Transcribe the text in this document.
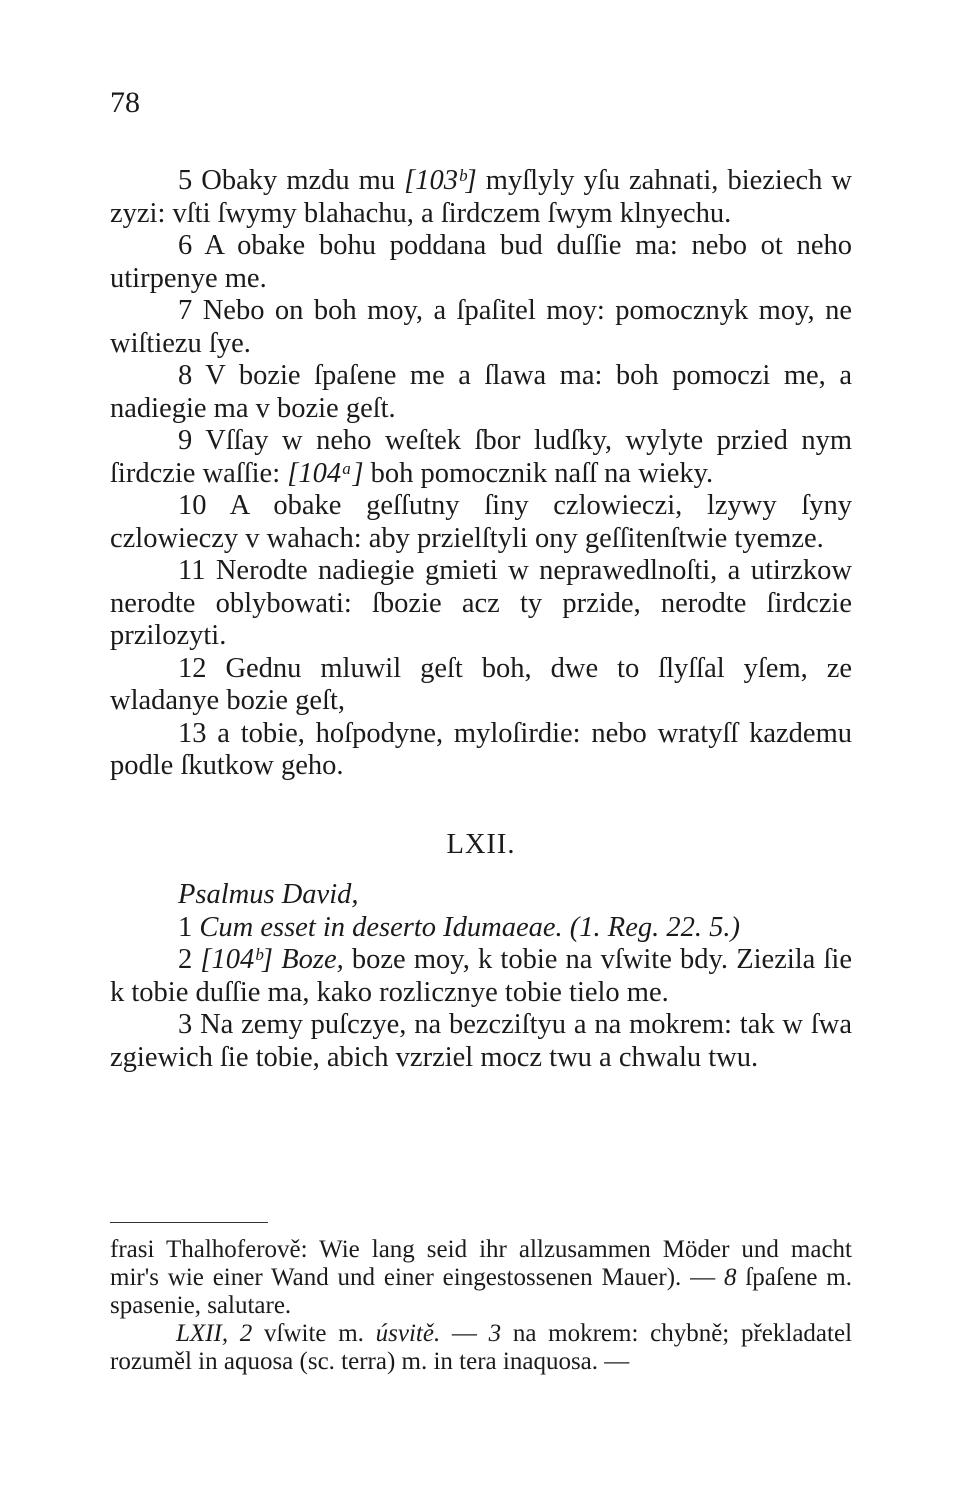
78

5 Obaky mzdu mu [103ᵇ] myſlyly yſu zahnati, bieziech w zyzi: vſti ſwymy blahachu, a ſirdczem ſwym klnyechu.

6 A obake bohu poddana bud duſſie ma: nebo ot neho utirpenye me.

7 Nebo on boh moy, a ſpaſitel moy: pomocznyk moy, ne wiſtiezu ſye.

8 V bozie ſpaſene me a ſlawa ma: boh pomoczi me, a nadiegie ma v bozie geſt.

9 Vſſay w neho weſtek ſbor ludſky, wylyte przied nym ſirdczie waſſie: [104ᵃ] boh pomocznik naſſ na wieky.

10 A obake geſſutny ſiny czlowieczi, lzywy ſyny czlowieczy v wahach: aby przielſtyli ony geſſitenſtwie tyemze.

11 Nerodte nadiegie gmieti w neprawedlnoſti, a utirzkow nerodte oblybowati: ſbozie acz ty przide, nerodte ſirdczie przilozyti.

12 Gednu mluwil geſt boh, dwe to ſlyſſal yſem, ze wladanye bozie geſt,

13 a tobie, hoſpodyne, myloſirdie: nebo wratyſſ kazdemu podle ſkutkow geho.

LXII.

Psalmus David,

1 Cum esset in deserto Idumaeae. (1. Reg. 22. 5.)

2 [104ᵇ] Boze, boze moy, k tobie na vſwite bdy. Ziezila ſie k tobie duſſie ma, kako rozlicznye tobie tielo me.

3 Na zemy puſczye, na bezcziſtyu a na mokrem: tak w ſwa zgiewich ſie tobie, abich vzrziel mocz twu a chwalu twu.

frasi Thalhoferově: Wie lang seid ihr allzusammen Möder und macht mir's wie einer Wand und einer eingestossenen Mauer). — 8 ſpaſene m. spasenie, salutare.

LXII, 2 vſwite m. úsvitě. — 3 na mokrem: chybně; překladatel rozuměl in aquosa (sc. terra) m. in tera inaquosa. —
